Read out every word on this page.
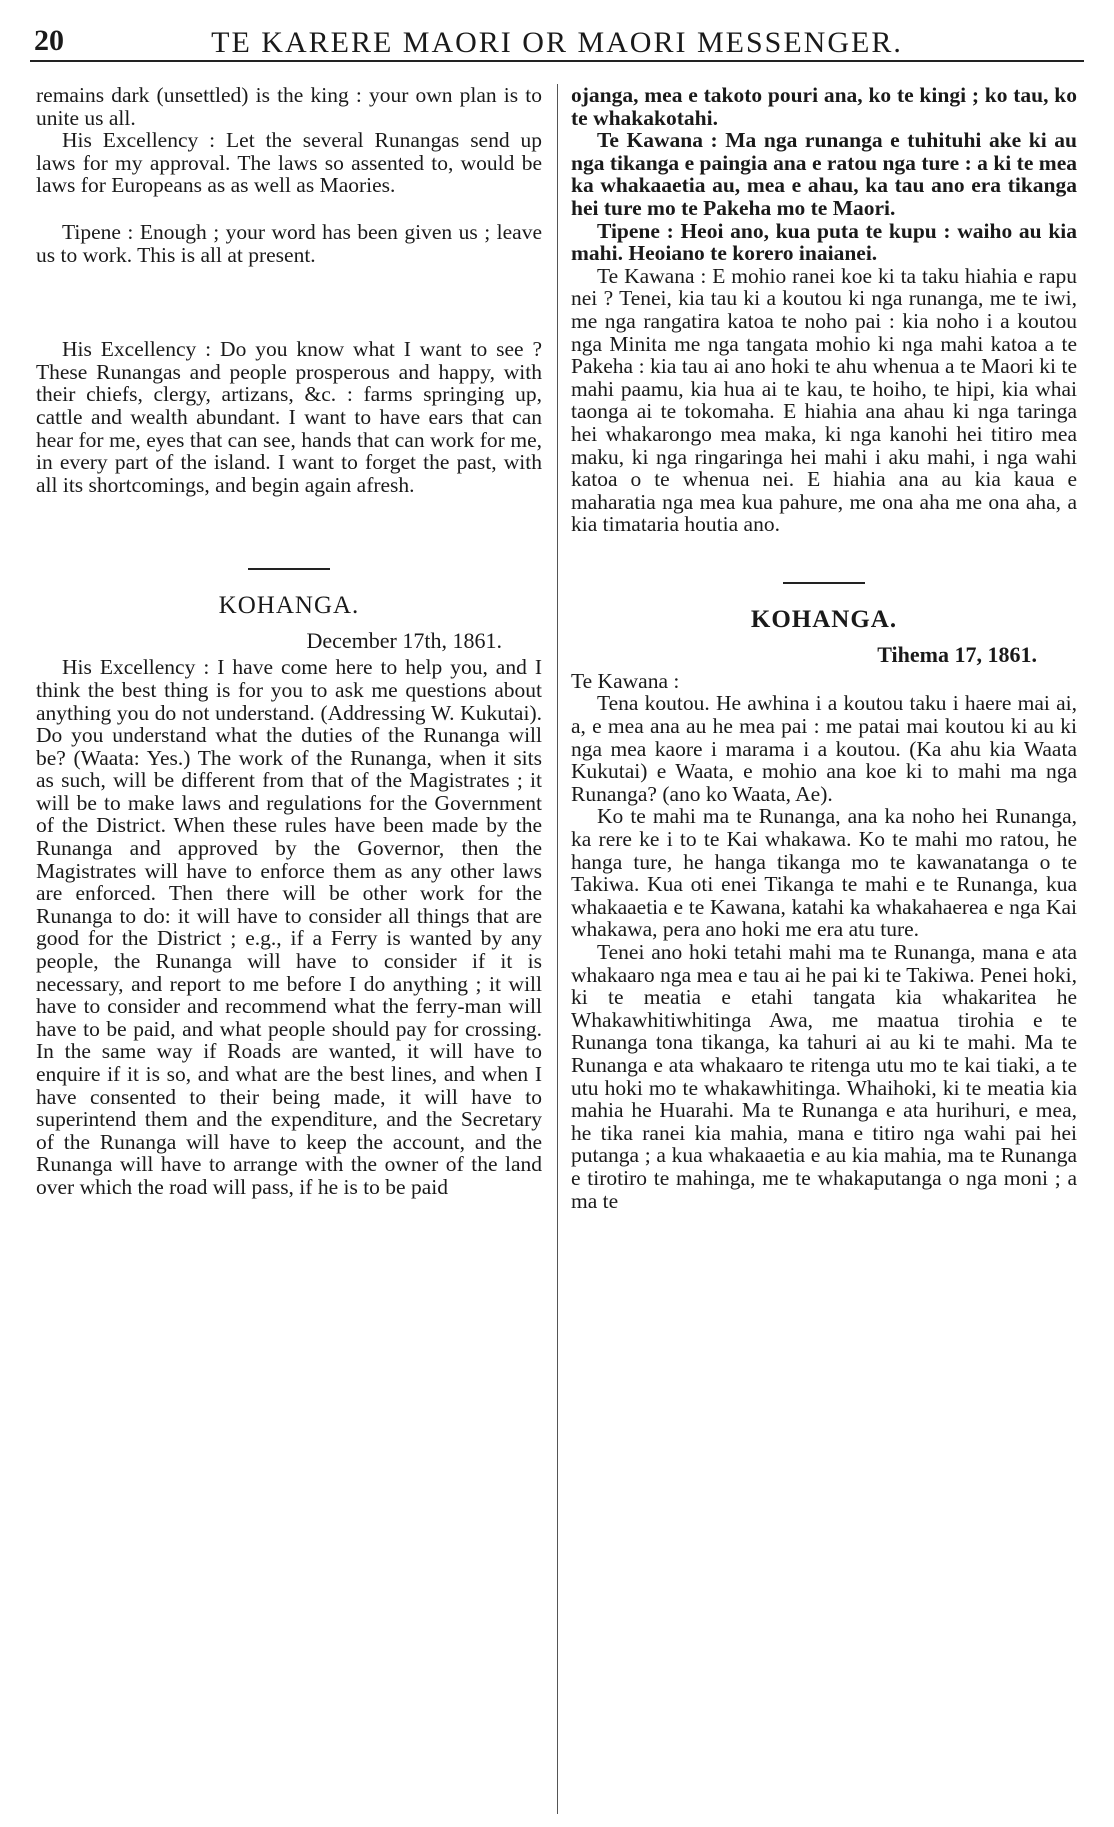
20	TE KARERE MAORI OR MAORI MESSENGER.

remains dark (unsettled) is the king : your own plan is to unite us all.

His Excellency : Let the several Runangas send up laws for my approval. The laws so assented to, would be laws for Europeans as as well as Maories.

Tipene : Enough ; your word has been given us ; leave us to work. This is all at present.

His Excellency : Do you know what I want to see ? These Runangas and people prosperous and happy, with their chiefs, clergy, artizans, &c. : farms springing up, cattle and wealth abundant. I want to have ears that can hear for me, eyes that can see, hands that can work for me, in every part of the island. I want to forget the past, with all its shortcomings, and begin again afresh.

KOHANGA.
December 17th, 1861.

His Excellency : I have come here to help you, and I think the best thing is for you to ask me questions about anything you do not understand. (Addressing W. Kukutai). Do you understand what the duties of the Runanga will be? (Waata: Yes.) The work of the Runanga, when it sits as such, will be different from that of the Magistrates ; it will be to make laws and regulations for the Government of the District. When these rules have been made by the Runanga and approved by the Governor, then the Magistrates will have to enforce them as any other laws are enforced. Then there will be other work for the Runanga to do: it will have to consider all things that are good for the District ; e.g., if a Ferry is wanted by any people, the Runanga will have to consider if it is necessary, and report to me before I do anything ; it will have to consider and recommend what the ferry-man will have to be paid, and what people should pay for crossing. In the same way if Roads are wanted, it will have to enquire if it is so, and what are the best lines, and when I have consented to their being made, it will have to superintend them and the expenditure, and the Secretary of the Runanga will have to keep the account, and the Runanga will have to arrange with the owner of the land over which the road will pass, if he is to be paid

ojanga, mea e takoto pouri ana, ko te kingi ; ko tau, ko te whakakotahi.

Te Kawana : Ma nga runanga e tuhituhi ake ki au nga tikanga e paingia ana e ratou nga ture : a ki te mea ka whakaaetia au, mea e ahau, ka tau ano era tikanga hei ture mo te Pakeha mo te Maori.

Tipene : Heoi ano, kua puta te kupu : waiho au kia mahi. Heoiano te korero inaianei.

Te Kawana : E mohio ranei koe ki ta taku hiahia e rapu nei ? Tenei, kia tau ki a koutou ki nga runanga, me te iwi, me nga rangatira katoa te noho pai : kia noho i a koutou nga Minita me nga tangata mohio ki nga mahi katoa a te Pakeha : kia tau ai ano hoki te ahu whenua a te Maori ki te mahi paamu, kia hua ai te kau, te hoiho, te hipi, kia whai taonga ai te tokomaha. E hiahia ana ahau ki nga taringa hei whakarongo mea maka, ki nga kanohi hei titiro mea maku, ki nga ringaringa hei mahi i aku mahi, i nga wahi katoa o te whenua nei. E hiahia ana au kia kaua e maharatia nga mea kua pahure, me ona aha me ona aha, a kia timataria houtia ano.

KOHANGA.
Tihema 17, 1861.

Te Kawana :

Tena koutou. He awhina i a koutou taku i haere mai ai, a, e mea ana au he mea pai : me patai mai koutou ki au ki nga mea kaore i marama i a koutou. (Ka ahu kia Waata Kukutai) e Waata, e mohio ana koe ki to mahi ma nga Runanga? (ano ko Waata, Ae).

Ko te mahi ma te Runanga, ana ka noho hei Runanga, ka rere ke i to te Kai whakawa. Ko te mahi mo ratou, he hanga ture, he hanga tikanga mo te kawanatanga o te Takiwa. Kua oti enei Tikanga te mahi e te Runanga, kua whakaaetia e te Kawana, katahi ka whakahaerea e nga Kai whakawa, pera ano hoki me era atu ture.

Tenei ano hoki tetahi mahi ma te Runanga, mana e ata whakaaro nga mea e tau ai he pai ki te Takiwa. Penei hoki, ki te meatia e etahi tangata kia whakaritea he Whakawhitiwhitinga Awa, me maatua tirohia e te Runanga tona tikanga, ka tahuri ai au ki te mahi. Ma te Runanga e ata whakaaro te ritenga utu mo te kai tiaki, a te utu hoki mo te whakawhitinga. Whaihoki, ki te meatia kia mahia he Huarahi. Ma te Runanga e ata hurihuri, e mea, he tika ranei kia mahia, mana e titiro nga wahi pai hei putanga ; a kua whakaaetia e au kia mahia, ma te Runanga e tirotiro te mahinga, me te whakaputanga o nga moni ; a ma te
